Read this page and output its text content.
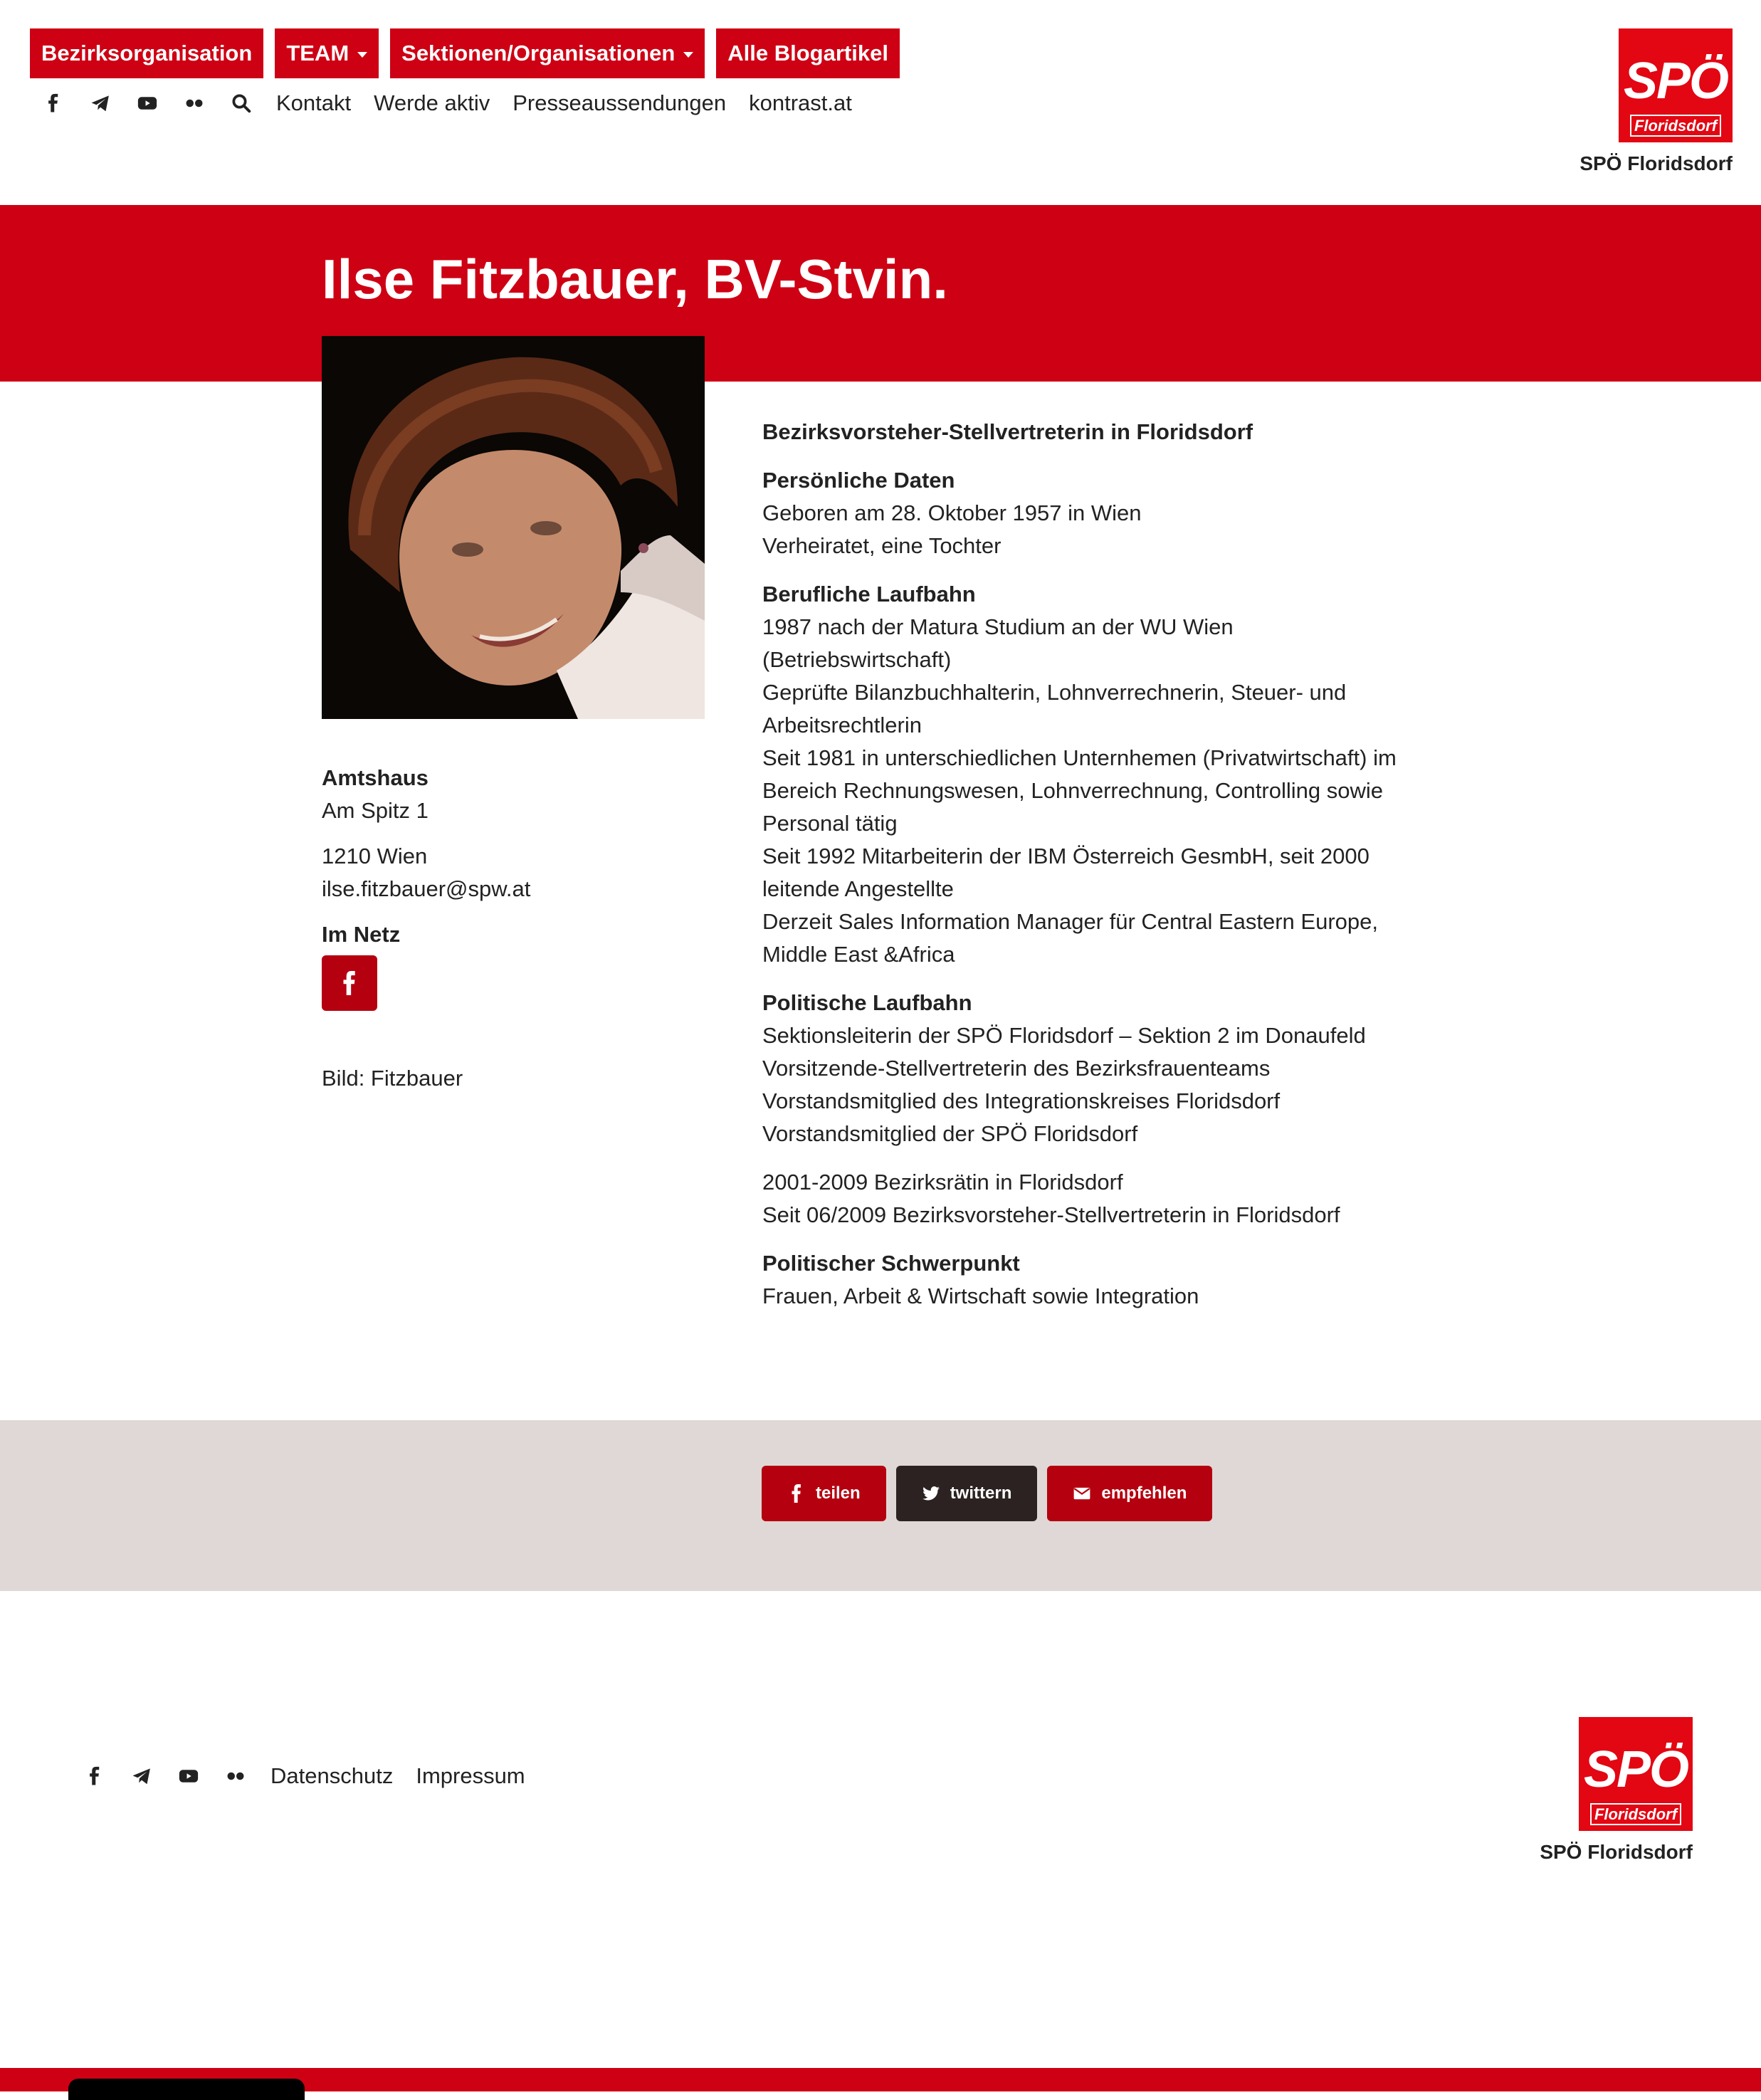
Bezirksorganisation TEAM Sektionen/Organisationen Alle Blogartikel
Kontakt Werde aktiv Presseaussendungen kontrast.at	SPÖ
Floridsdorf
SPÖ Floridsdorf
Ilse Fitzbauer, BV-Stvin.
Amtshaus
Am Spitz 1
1210 Wien
ilse.fitzbauer@spw.at
Im Netz
Bild: Fitzbauer
Bezirksvorsteher-Stellvertreterin in Floridsdorf
Persönliche Daten
Geboren am 28. Oktober 1957 in Wien
Verheiratet, eine Tochter
Berufliche Laufbahn
1987 nach der Matura Studium an der WU Wien
(Betriebswirtschaft)
Geprüfte Bilanzbuchhalterin, Lohnverrechnerin, Steuer- und
Arbeitsrechtlerin
Seit 1981 in unterschiedlichen Unternhemen (Privatwirtschaft) im
Bereich Rechnungswesen, Lohnverrechnung, Controlling sowie
Personal tätig
Seit 1992 Mitarbeiterin der IBM Österreich GesmbH, seit 2000
leitende Angestellte
Derzeit Sales Information Manager für Central Eastern Europe,
Middle East &Africa
Politische Laufbahn
Sektionsleiterin der SPÖ Floridsdorf – Sektion 2 im Donaufeld
Vorsitzende-Stellvertreterin des Bezirksfrauenteams
Vorstandsmitglied des Integrationskreises Floridsdorf
Vorstandsmitglied der SPÖ Floridsdorf
2001-2009 Bezirksrätin in Floridsdorf
Seit 06/2009 Bezirksvorsteher-Stellvertreterin in Floridsdorf
Politischer Schwerpunkt
Frauen, Arbeit & Wirtschaft sowie Integration
teilen	twittern	empfehlen
Datenschutz Impressum	SPÖ
Floridsdorf
SPÖ Floridsdorf
